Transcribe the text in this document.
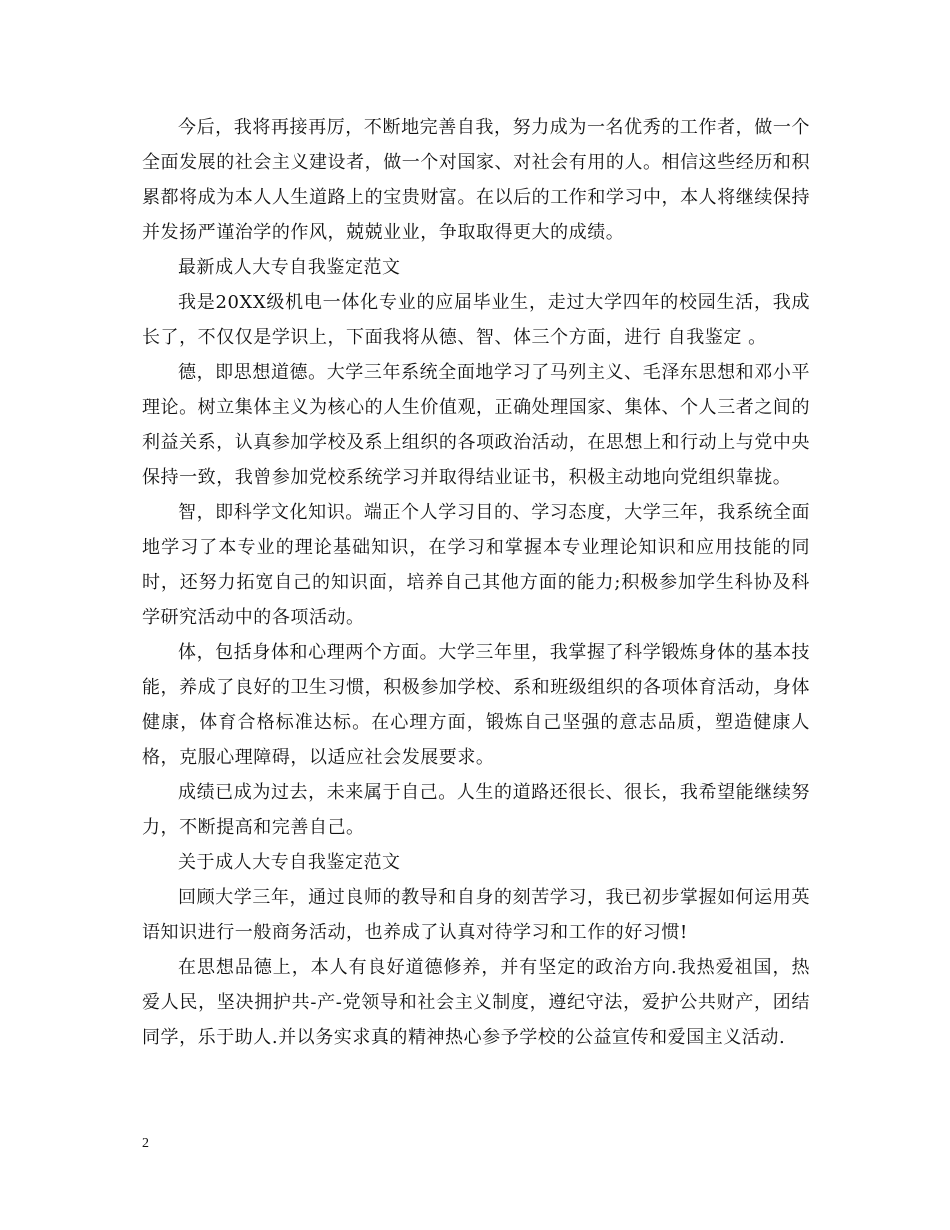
今后，我将再接再厉，不断地完善自我，努力成为一名优秀的工作者，做一个全面发展的社会主义建设者，做一个对国家、对社会有用的人。相信这些经历和积累都将成为本人人生道路上的宝贵财富。在以后的工作和学习中，本人将继续保持并发扬严谨治学的作风，兢兢业业，争取取得更大的成绩。

最新成人大专自我鉴定范文

我是20XX级机电一体化专业的应届毕业生，走过大学四年的校园生活，我成长了，不仅仅是学识上，下面我将从德、智、体三个方面，进行 自我鉴定 。

德，即思想道德。大学三年系统全面地学习了马列主义、毛泽东思想和邓小平理论。树立集体主义为核心的人生价值观，正确处理国家、集体、个人三者之间的利益关系，认真参加学校及系上组织的各项政治活动，在思想上和行动上与党中央保持一致，我曾参加党校系统学习并取得结业证书，积极主动地向党组织靠拢。

智，即科学文化知识。端正个人学习目的、学习态度，大学三年，我系统全面地学习了本专业的理论基础知识，在学习和掌握本专业理论知识和应用技能的同时，还努力拓宽自己的知识面，培养自己其他方面的能力;积极参加学生科协及科学研究活动中的各项活动。

体，包括身体和心理两个方面。大学三年里，我掌握了科学锻炼身体的基本技能，养成了良好的卫生习惯，积极参加学校、系和班级组织的各项体育活动，身体健康，体育合格标准达标。在心理方面，锻炼自己坚强的意志品质，塑造健康人格，克服心理障碍，以适应社会发展要求。

成绩已成为过去，未来属于自己。人生的道路还很长、很长，我希望能继续努力，不断提高和完善自己。

关于成人大专自我鉴定范文

回顾大学三年，通过良师的教导和自身的刻苦学习，我已初步掌握如何运用英语知识进行一般商务活动，也养成了认真对待学习和工作的好习惯!

在思想品德上，本人有良好道德修养，并有坚定的政治方向.我热爱祖国，热爱人民，坚决拥护共-产-党领导和社会主义制度，遵纪守法，爱护公共财产，团结同学，乐于助人.并以务实求真的精神热心参予学校的公益宣传和爱国主义活动.

2
